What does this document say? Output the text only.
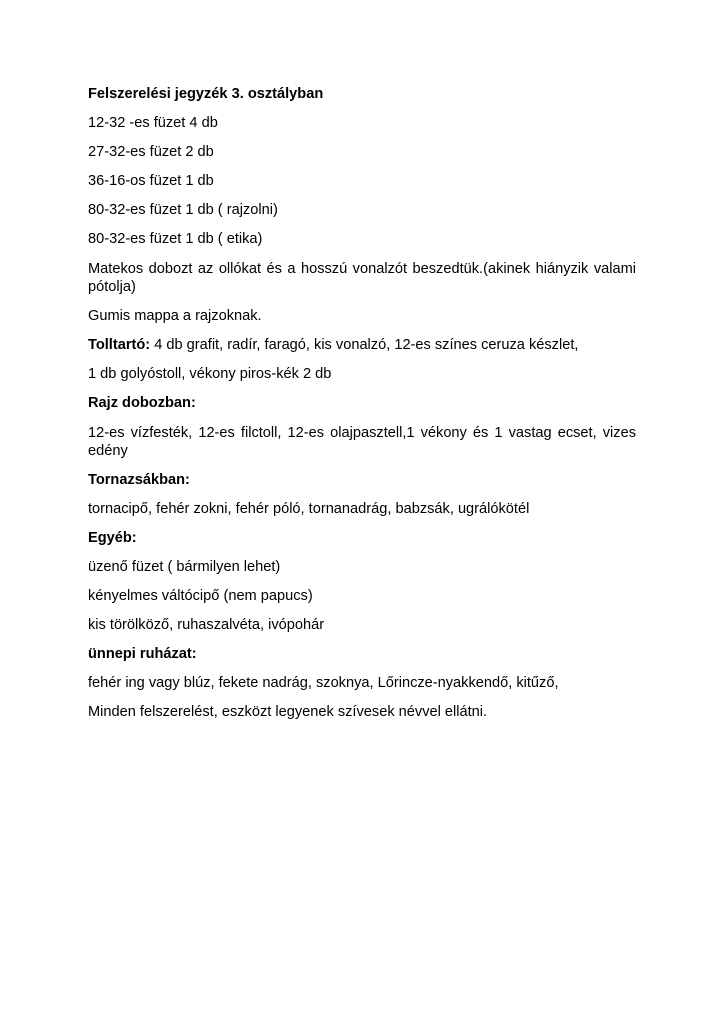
Felszerelési jegyzék 3. osztályban
12-32 -es füzet 4 db
27-32-es füzet 2 db
36-16-os füzet 1 db
80-32-es füzet 1 db ( rajzolni)
80-32-es füzet 1 db ( etika)
Matekos dobozt az ollókat és a hosszú vonalzót beszedtük.(akinek hiányzik valami pótolja)
Gumis mappa a rajzoknak.
Tolltartó: 4 db grafit, radír, faragó, kis vonalzó, 12-es színes ceruza készlet,
1 db golyóstoll, vékony piros-kék 2 db
Rajz dobozban:
12-es vízfesték, 12-es filctoll, 12-es olajpasztell,1 vékony és 1 vastag ecset, vizes edény
Tornazsákban:
tornacipő, fehér zokni, fehér póló, tornanadrág, babzsák, ugrálókötél
Egyéb:
üzenő füzet ( bármilyen lehet)
kényelmes váltócipő (nem papucs)
kis törölköző, ruhaszalvéta, ivópohár
ünnepi ruházat:
fehér ing vagy blúz, fekete nadrág, szoknya, Lőrincze-nyakkendő, kitűző,
Minden felszerelést, eszközt legyenek szívesek névvel ellátni.
